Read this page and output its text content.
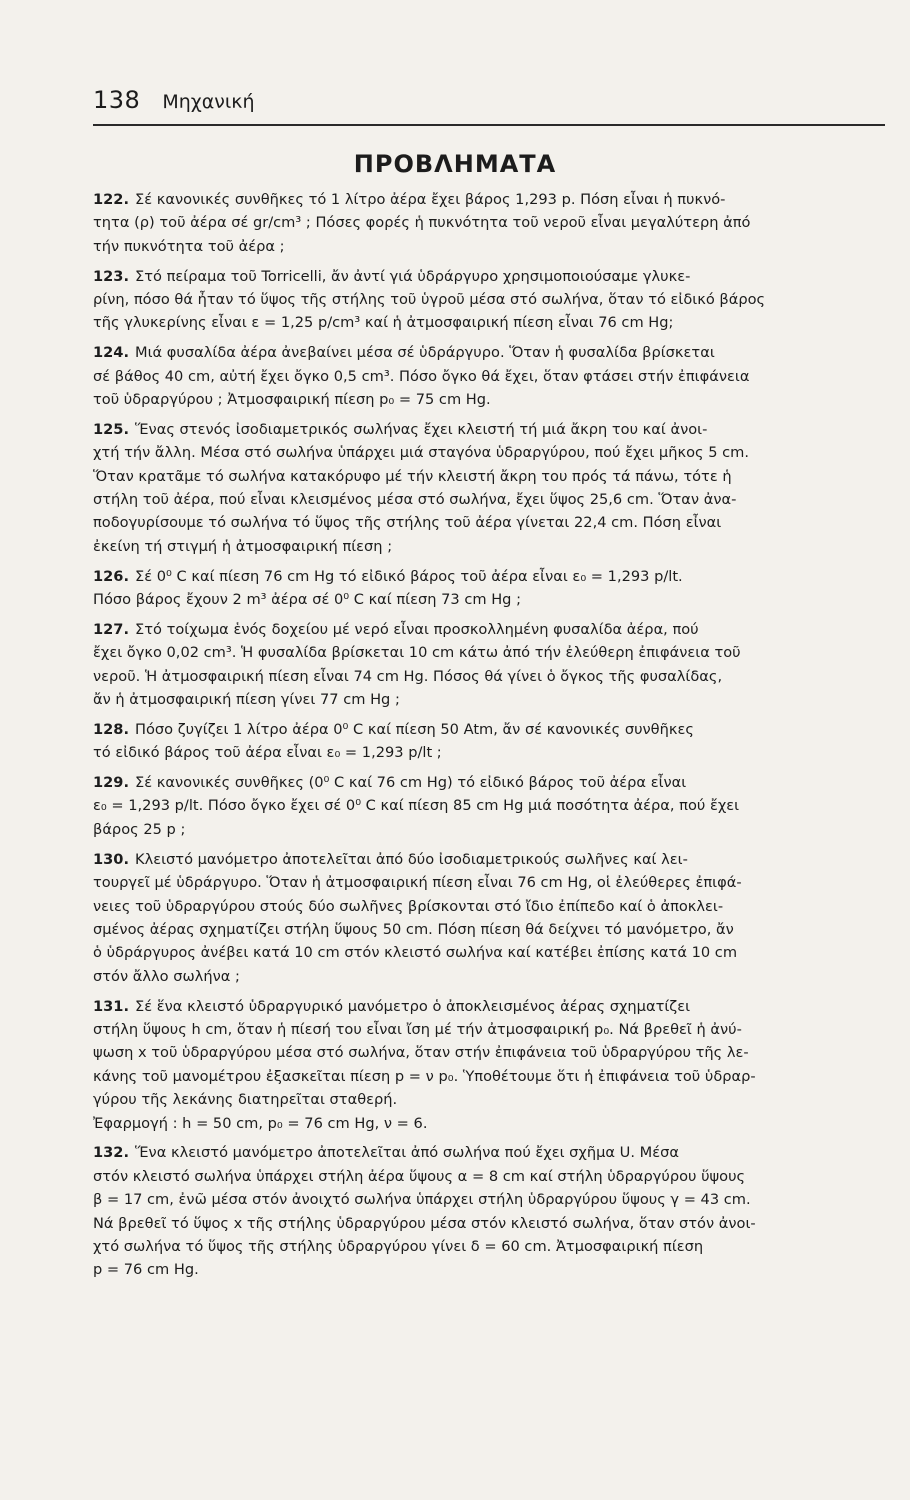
138 Μηχανική
ΠΡΟΒΛΗΜΑΤΑ
122. Σέ κανονικές συνθῆκες τό 1 λίτρο ἀέρα ἔχει βάρος 1,293 p. Πόση εἶναι ἡ πυκνό-
τητα (ρ) τοῦ ἀέρα σέ gr/cm³ ; Πόσες φορές ἡ πυκνότητα τοῦ νεροῦ εἶναι μεγαλύτερη ἀπό
τήν πυκνότητα τοῦ ἀέρα ;
123. Στό πείραμα τοῦ Torricelli, ἄν ἀντί γιά ὑδράργυρο χρησιμοποιούσαμε γλυκε-
ρίνη, πόσο θά ἦταν τό ὕψος τῆς στήλης τοῦ ὑγροῦ μέσα στό σωλήνα, ὅταν τό εἰδικό βάρος
τῆς γλυκερίνης εἶναι ε = 1,25 p/cm³ καί ἡ ἀτμοσφαιρική πίεση εἶναι 76 cm Hg;
124. Μιά φυσαλίδα ἀέρα ἀνεβαίνει μέσα σέ ὑδράργυρο. Ὅταν ἡ φυσαλίδα βρίσκεται
σέ βάθος 40 cm, αὐτή ἔχει ὄγκο 0,5 cm³. Πόσο ὄγκο θά ἔχει, ὅταν φτάσει στήν ἐπιφάνεια
τοῦ ὑδραργύρου ; Ἀτμοσφαιρική πίεση p₀ = 75 cm Hg.
125. Ἕνας στενός ἰσοδιαμετρικός σωλήνας ἔχει κλειστή τή μιά ἄκρη του καί ἀνοι-
χτή τήν ἄλλη. Μέσα στό σωλήνα ὑπάρχει μιά σταγόνα ὑδραργύρου, πού ἔχει μῆκος 5 cm.
Ὅταν κρατᾶμε τό σωλήνα κατακόρυφο μέ τήν κλειστή ἄκρη του πρός τά πάνω, τότε ἡ
στήλη τοῦ ἀέρα, πού εἶναι κλεισμένος μέσα στό σωλήνα, ἔχει ὕψος 25,6 cm. Ὅταν ἀνα-
ποδογυρίσουμε τό σωλήνα τό ὕψος τῆς στήλης τοῦ ἀέρα γίνεται 22,4 cm. Πόση εἶναι
ἐκείνη τή στιγμή ἡ ἀτμοσφαιρική πίεση ;
126. Σέ 0⁰ C καί πίεση 76 cm Hg τό εἰδικό βάρος τοῦ ἀέρα εἶναι ε₀ = 1,293 p/lt.
Πόσο βάρος ἔχουν 2 m³ ἀέρα σέ 0⁰ C καί πίεση 73 cm Hg ;
127. Στό τοίχωμα ἑνός δοχείου μέ νερό εἶναι προσκολλημένη φυσαλίδα ἀέρα, πού
ἔχει ὄγκο 0,02 cm³. Ἡ φυσαλίδα βρίσκεται 10 cm κάτω ἀπό τήν ἐλεύθερη ἐπιφάνεια τοῦ
νεροῦ. Ἡ ἀτμοσφαιρική πίεση εἶναι 74 cm Hg. Πόσος θά γίνει ὁ ὄγκος τῆς φυσαλίδας,
ἄν ἡ ἀτμοσφαιρική πίεση γίνει 77 cm Hg ;
128. Πόσο ζυγίζει 1 λίτρο ἀέρα 0⁰ C καί πίεση 50 Atm, ἄν σέ κανονικές συνθῆκες
τό εἰδικό βάρος τοῦ ἀέρα εἶναι ε₀ = 1,293 p/lt ;
129. Σέ κανονικές συνθῆκες (0⁰ C καί 76 cm Hg) τό εἰδικό βάρος τοῦ ἀέρα εἶναι
ε₀ = 1,293 p/lt. Πόσο ὄγκο ἔχει σέ 0⁰ C καί πίεση 85 cm Hg μιά ποσότητα ἀέρα, πού ἔχει
βάρος 25 p ;
130. Κλειστό μανόμετρο ἀποτελεῖται ἀπό δύο ἰσοδιαμετρικούς σωλῆνες καί λει-
τουργεῖ μέ ὑδράργυρο. Ὅταν ἡ ἀτμοσφαιρική πίεση εἶναι 76 cm Hg, οἱ ἐλεύθερες ἐπιφά-
νειες τοῦ ὑδραργύρου στούς δύο σωλῆνες βρίσκονται στό ἴδιο ἐπίπεδο καί ὁ ἀποκλει-
σμένος ἀέρας σχηματίζει στήλη ὕψους 50 cm. Πόση πίεση θά δείχνει τό μανόμετρο, ἄν
ὁ ὑδράργυρος ἀνέβει κατά 10 cm στόν κλειστό σωλήνα καί κατέβει ἐπίσης κατά 10 cm
στόν ἄλλο σωλήνα ;
131. Σέ ἕνα κλειστό ὑδραργυρικό μανόμετρο ὁ ἀποκλεισμένος ἀέρας σχηματίζει
στήλη ὕψους h cm, ὅταν ἡ πίεσή του εἶναι ἴση μέ τήν ἀτμοσφαιρική p₀. Νά βρεθεῖ ἡ ἀνύ-
ψωση x τοῦ ὑδραργύρου μέσα στό σωλήνα, ὅταν στήν ἐπιφάνεια τοῦ ὑδραργύρου τῆς λε-
κάνης τοῦ μανομέτρου ἐξασκεῖται πίεση p = ν p₀. Ὑποθέτουμε ὅτι ἡ ἐπιφάνεια τοῦ ὑδραρ-
γύρου τῆς λεκάνης διατηρεῖται σταθερή.
Ἐφαρμογή : h = 50 cm, p₀ = 76 cm Hg, ν = 6.
132. Ἕνα κλειστό μανόμετρο ἀποτελεῖται ἀπό σωλήνα πού ἔχει σχῆμα U. Μέσα
στόν κλειστό σωλήνα ὑπάρχει στήλη ἀέρα ὕψους α = 8 cm καί στήλη ὑδραργύρου ὕψους
β = 17 cm, ἐνῶ μέσα στόν ἀνοιχτό σωλήνα ὑπάρχει στήλη ὑδραργύρου ὕψους γ = 43 cm.
Νά βρεθεῖ τό ὕψος x τῆς στήλης ὑδραργύρου μέσα στόν κλειστό σωλήνα, ὅταν στόν ἀνοι-
χτό σωλήνα τό ὕψος τῆς στήλης ὑδραργύρου γίνει δ = 60 cm. Ἀτμοσφαιρική πίεση
p = 76 cm Hg.
